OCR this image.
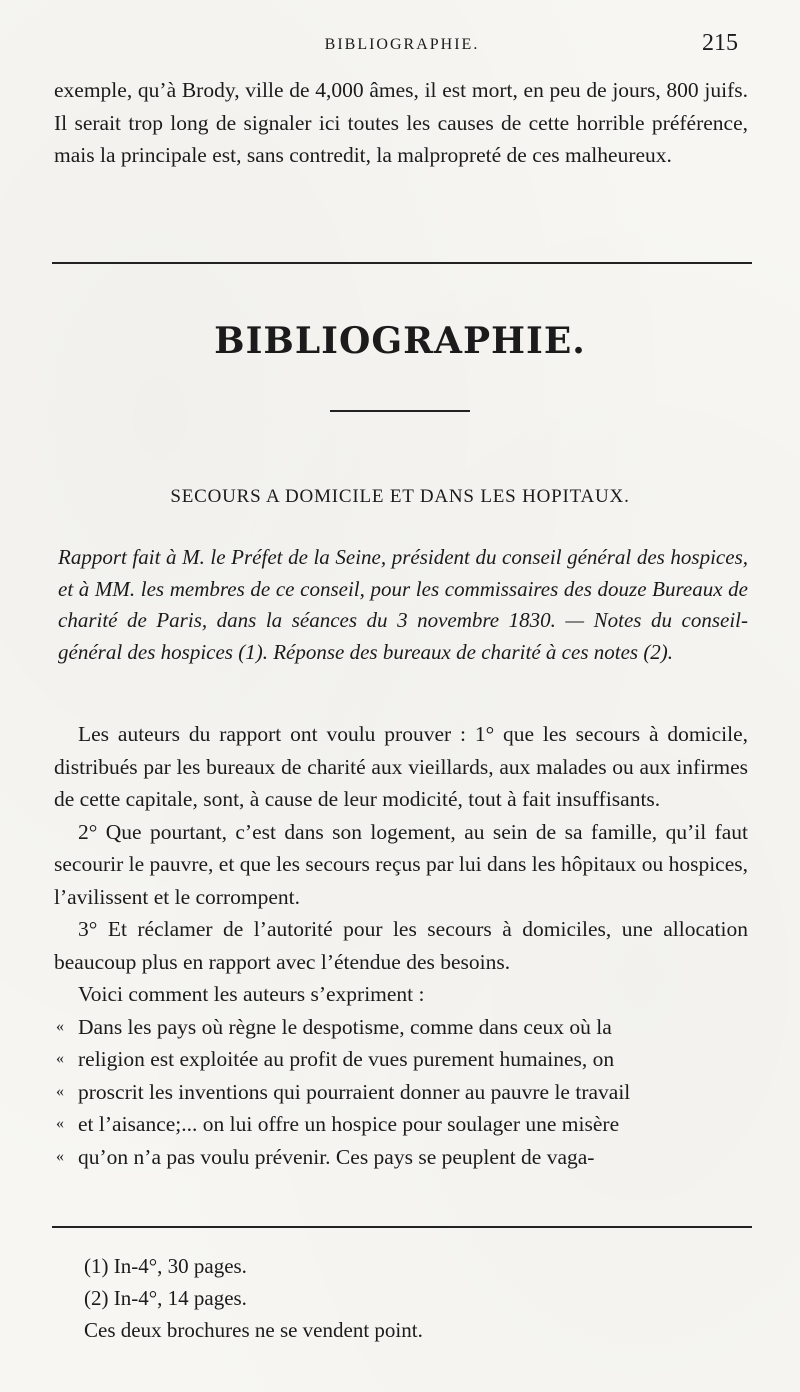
BIBLIOGRAPHIE.	215
exemple, qu’à Brody, ville de 4,000 âmes, il est mort, en peu de jours, 800 juifs. Il serait trop long de signaler ici toutes les causes de cette horrible préférence, mais la principale est, sans contredit, la malpropreté de ces malheureux.
BIBLIOGRAPHIE.
SECOURS A DOMICILE ET DANS LES HOPITAUX.
Rapport fait à M. le Préfet de la Seine, président du conseil général des hospices, et à MM. les membres de ce conseil, pour les commissaires des douze Bureaux de charité de Paris, dans la séances du 3 novembre 1830. — Notes du conseil-général des hospices (1). Réponse des bureaux de charité à ces notes (2).

Les auteurs du rapport ont voulu prouver : 1° que les secours à domicile, distribués par les bureaux de charité aux vieillards, aux malades ou aux infirmes de cette capitale, sont, à cause de leur modicité, tout à fait insuffisants.

2° Que pourtant, c’est dans son logement, au sein de sa famille, qu’il faut secourir le pauvre, et que les secours reçus par lui dans les hôpitaux ou hospices, l’avilissent et le corrompent.

3° Et réclamer de l’autorité pour les secours à domiciles, une allocation beaucoup plus en rapport avec l’étendue des besoins.

Voici comment les auteurs s’expriment :

« Dans les pays où règne le despotisme, comme dans ceux où la
« religion est exploitée au profit de vues purement humaines, on
« proscrit les inventions qui pourraient donner au pauvre le travail
« et l’aisance;... on lui offre un hospice pour soulager une misère
« qu’on n’a pas voulu prévenir. Ces pays se peuplent de vaga-
(1) In-4°, 30 pages.
(2) In-4°, 14 pages.
Ces deux brochures ne se vendent point.
